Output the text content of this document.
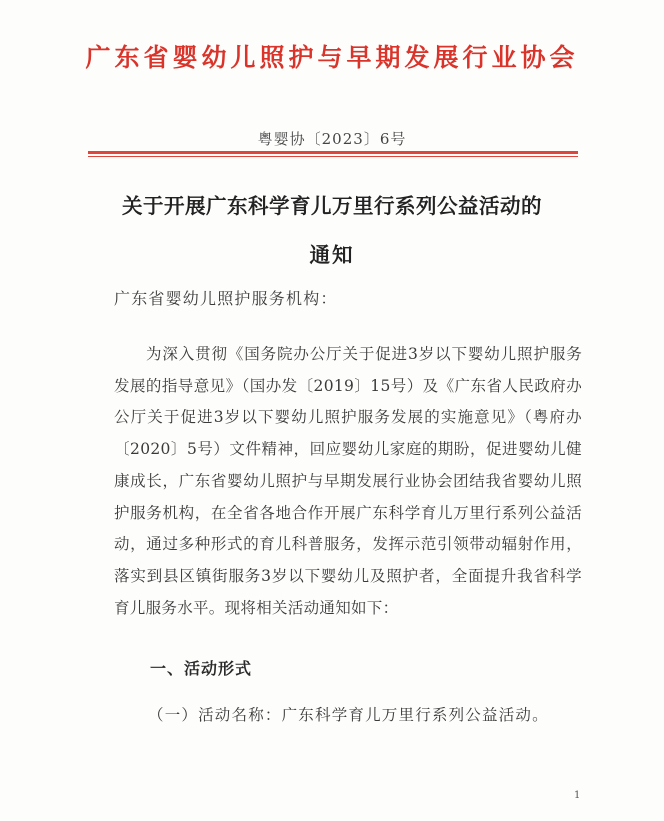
广东省婴幼儿照护与早期发展行业协会
粤婴协〔2023〕6号
关于开展广东科学育儿万里行系列公益活动的
通知
广东省婴幼儿照护服务机构：
为深入贯彻《国务院办公厅关于促进3岁以下婴幼儿照护服务发展的指导意见》（国办发〔2019〕15号）及《广东省人民政府办公厅关于促进3岁以下婴幼儿照护服务发展的实施意见》（粤府办〔2020〕5号）文件精神，回应婴幼儿家庭的期盼，促进婴幼儿健康成长，广东省婴幼儿照护与早期发展行业协会团结我省婴幼儿照护服务机构，在全省各地合作开展广东科学育儿万里行系列公益活动，通过多种形式的育儿科普服务，发挥示范引领带动辐射作用，落实到县区镇街服务3岁以下婴幼儿及照护者，全面提升我省科学育儿服务水平。现将相关活动通知如下：
一、活动形式
（一）活动名称：广东科学育儿万里行系列公益活动。
1
